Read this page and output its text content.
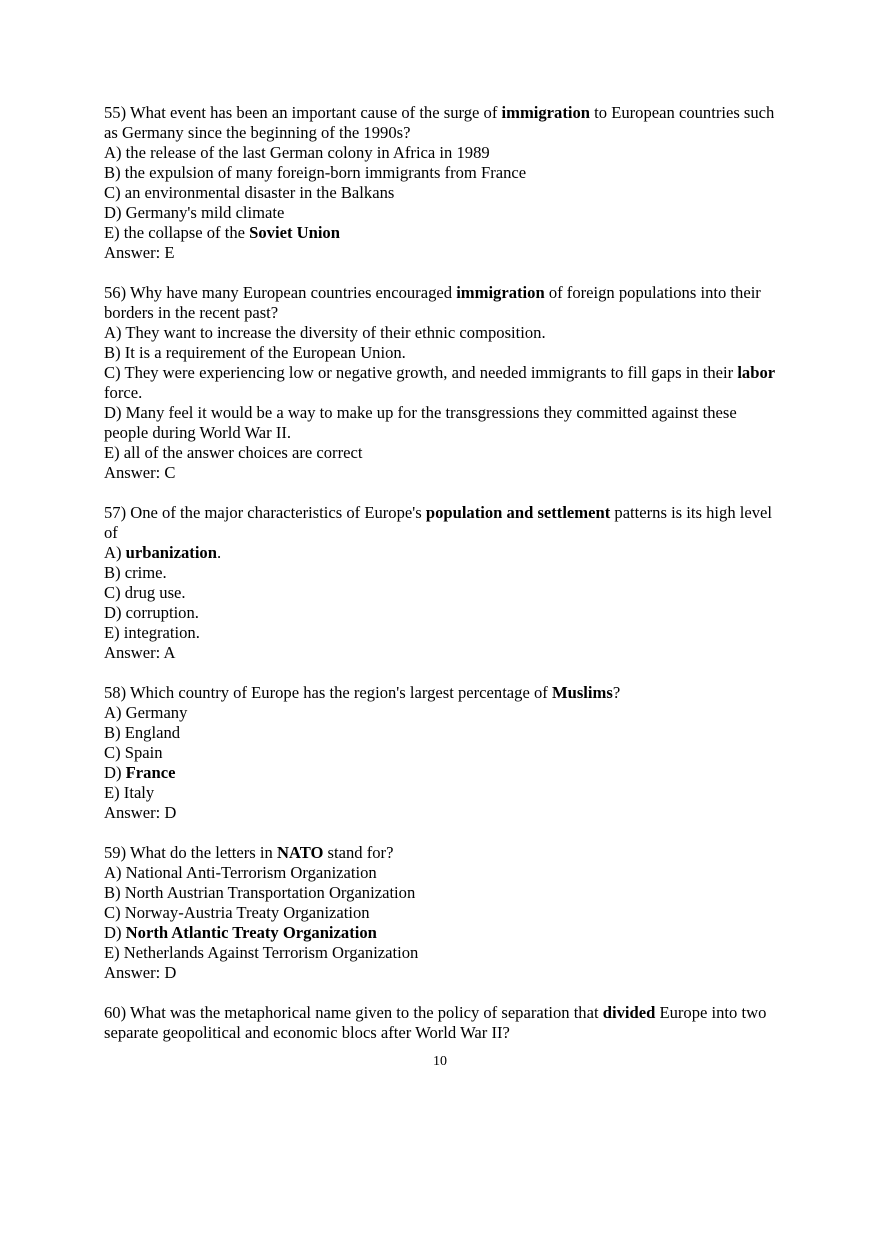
55) What event has been an important cause of the surge of immigration to European countries such as Germany since the beginning of the 1990s?
A) the release of the last German colony in Africa in 1989
B) the expulsion of many foreign-born immigrants from France
C) an environmental disaster in the Balkans
D) Germany's mild climate
E) the collapse of the Soviet Union
Answer: E
56) Why have many European countries encouraged immigration of foreign populations into their borders in the recent past?
A) They want to increase the diversity of their ethnic composition.
B) It is a requirement of the European Union.
C) They were experiencing low or negative growth, and needed immigrants to fill gaps in their labor force.
D) Many feel it would be a way to make up for the transgressions they committed against these people during World War II.
E) all of the answer choices are correct
Answer: C
57) One of the major characteristics of Europe's population and settlement patterns is its high level of
A) urbanization.
B) crime.
C) drug use.
D) corruption.
E) integration.
Answer: A
58) Which country of Europe has the region's largest percentage of Muslims?
A) Germany
B) England
C) Spain
D) France
E) Italy
Answer: D
59) What do the letters in NATO stand for?
A) National Anti-Terrorism Organization
B) North Austrian Transportation Organization
C) Norway-Austria Treaty Organization
D) North Atlantic Treaty Organization
E) Netherlands Against Terrorism Organization
Answer: D
60) What was the metaphorical name given to the policy of separation that divided Europe into two separate geopolitical and economic blocs after World War II?
10
